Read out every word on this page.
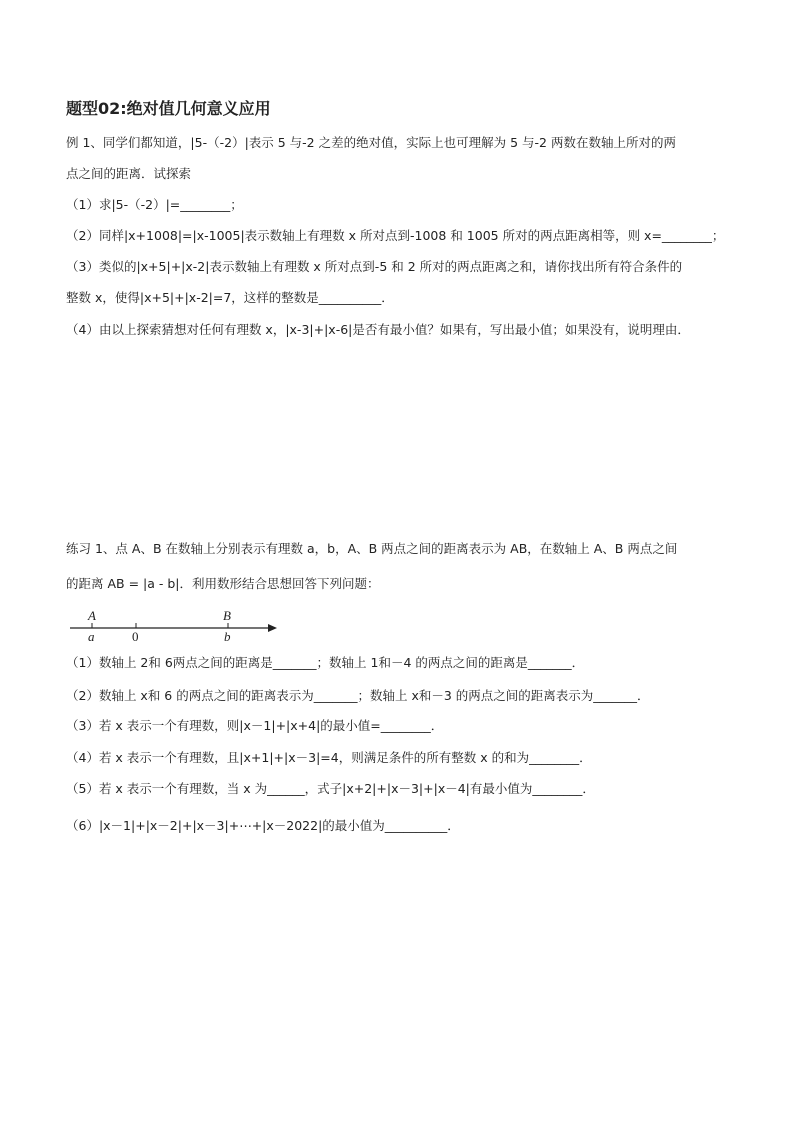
题型02:绝对值几何意义应用
例 1、同学们都知道，|5-（-2）|表示 5 与-2 之差的绝对值，实际上也可理解为 5 与-2 两数在数轴上所对的两
点之间的距离．试探索
（1）求|5-（-2）|=________；
（2）同样|x+1008|=|x-1005|表示数轴上有理数 x 所对点到-1008 和 1005 所对的两点距离相等，则 x=________；
（3）类似的|x+5|+|x-2|表示数轴上有理数 x 所对点到-5 和 2 所对的两点距离之和，请你找出所有符合条件的
整数 x，使得|x+5|+|x-2|=7，这样的整数是__________．
（4）由以上探索猜想对任何有理数 x，|x-3|+|x-6|是否有最小值？如果有，写出最小值；如果没有，说明理由．
练习 1、点 A、B 在数轴上分别表示有理数 a，b，A、B 两点之间的距离表示为 AB，在数轴上 A、B 两点之间
的距离 AB = |a - b|．利用数形结合思想回答下列问题：
A
a	0
B
b
（1）数轴上 2和 6两点之间的距离是_______；数轴上 1和－4 的两点之间的距离是_______．
（2）数轴上 x和 6 的两点之间的距离表示为_______；数轴上 x和－3 的两点之间的距离表示为_______．
（3）若 x 表示一个有理数，则|x－1|+|x+4|的最小值=________．
（4）若 x 表示一个有理数，且|x+1|+|x－3|=4，则满足条件的所有整数 x 的和为________．
（5）若 x 表示一个有理数，当 x 为______，式子|x+2|+|x－3|+|x－4|有最小值为________．
（6）|x－1|+|x－2|+|x－3|+⋯+|x－2022|的最小值为__________．
